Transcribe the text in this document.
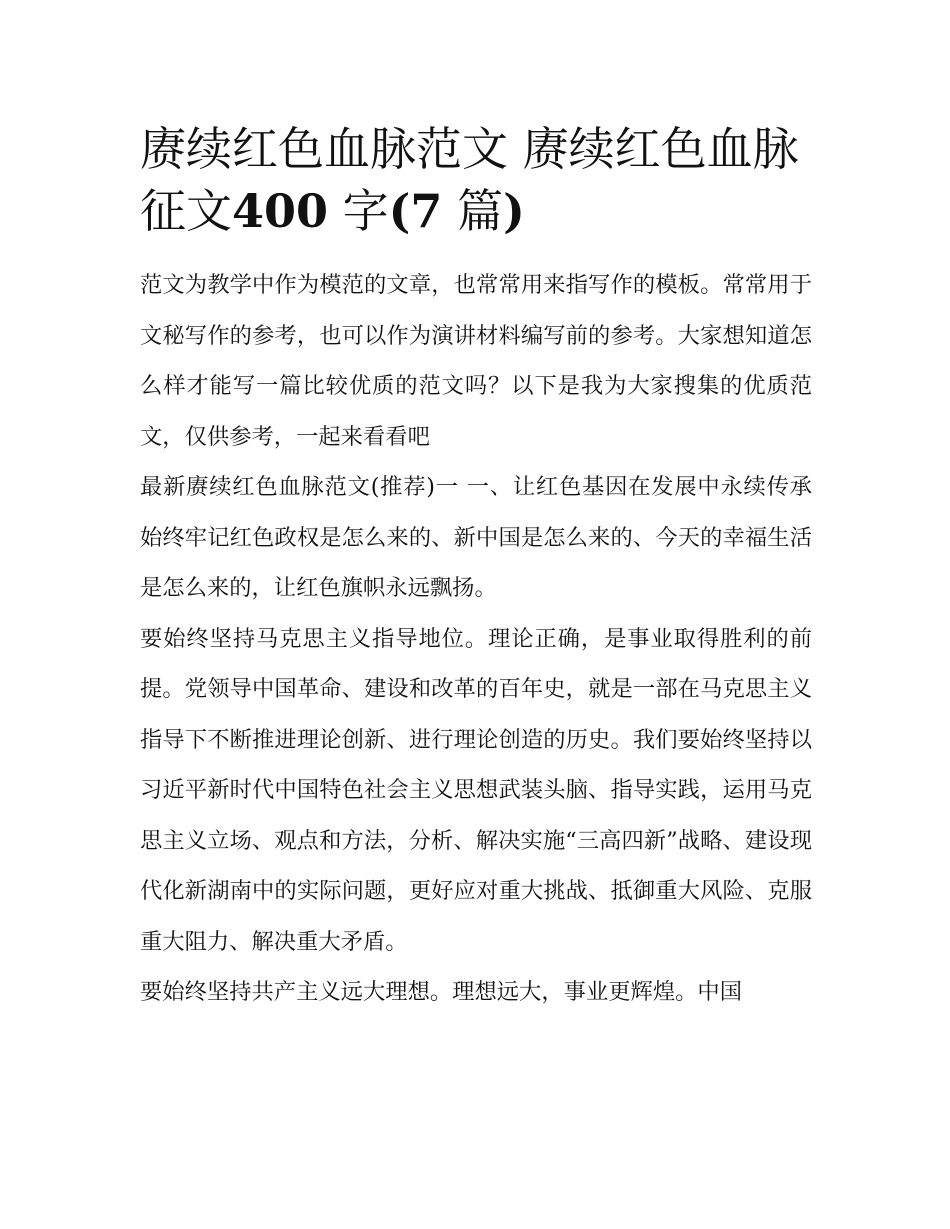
赓续红色血脉范文 赓续红色血脉征文400 字(7 篇)

范文为教学中作为模范的文章，也常常用来指写作的模板。常常用于文秘写作的参考，也可以作为演讲材料编写前的参考。大家想知道怎么样才能写一篇比较优质的范文吗？以下是我为大家搜集的优质范文，仅供参考，一起来看看吧

最新赓续红色血脉范文(推荐)一 一、让红色基因在发展中永续传承 始终牢记红色政权是怎么来的、新中国是怎么来的、今天的幸福生活是怎么来的，让红色旗帜永远飘扬。

要始终坚持马克思主义指导地位。理论正确，是事业取得胜利的前提。党领导中国革命、建设和改革的百年史，就是一部在马克思主义指导下不断推进理论创新、进行理论创造的历史。我们要始终坚持以习近平新时代中国特色社会主义思想武装头脑、指导实践，运用马克思主义立场、观点和方法，分析、解决实施“三高四新”战略、建设现代化新湖南中的实际问题，更好应对重大挑战、抵御重大风险、克服重大阻力、解决重大矛盾。

要始终坚持共产主义远大理想。理想远大，事业更辉煌。中国
